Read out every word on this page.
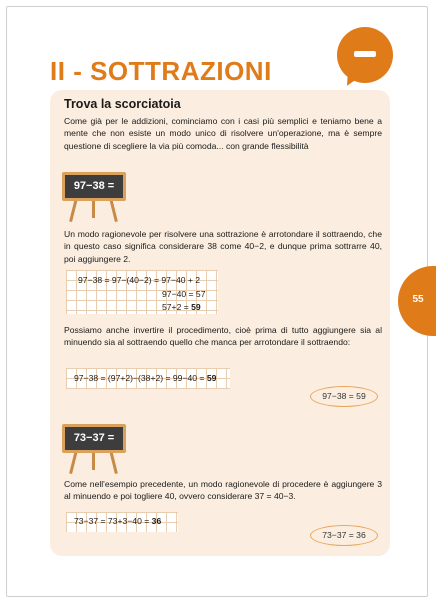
II - SOTTRAZIONI
55
Trova la scorciatoia
Come già per le addizioni, cominciamo con i casi più semplici e teniamo bene a mente che non esiste un modo unico di risolvere un'operazione, ma è sempre questione di scegliere la via più comoda... con grande flessibilità
97−38 =
Un modo ragionevole per risolvere una sottrazione è arrotondare il sottraendo, che in questo caso significa considerare 38 come 40−2, e dunque prima sottrarre 40, poi aggiungere 2.
97−38 = 97−(40−2) = 97−40 + 2
97−40 = 57
57+2 = 59
Possiamo anche invertire il procedimento, cioè prima di tutto aggiungere sia al minuendo sia al sottraendo quello che manca per arrotondare il sottraendo:
97−38 = (97+2)−(38+2) = 99−40 = 59
97−38 = 59
73−37 =
Come nell'esempio precedente, un modo ragionevole di procedere è aggiungere 3 al minuendo e poi togliere 40, ovvero considerare 37 = 40−3.
73−37 = 73+3−40 = 36
73−37 = 36
